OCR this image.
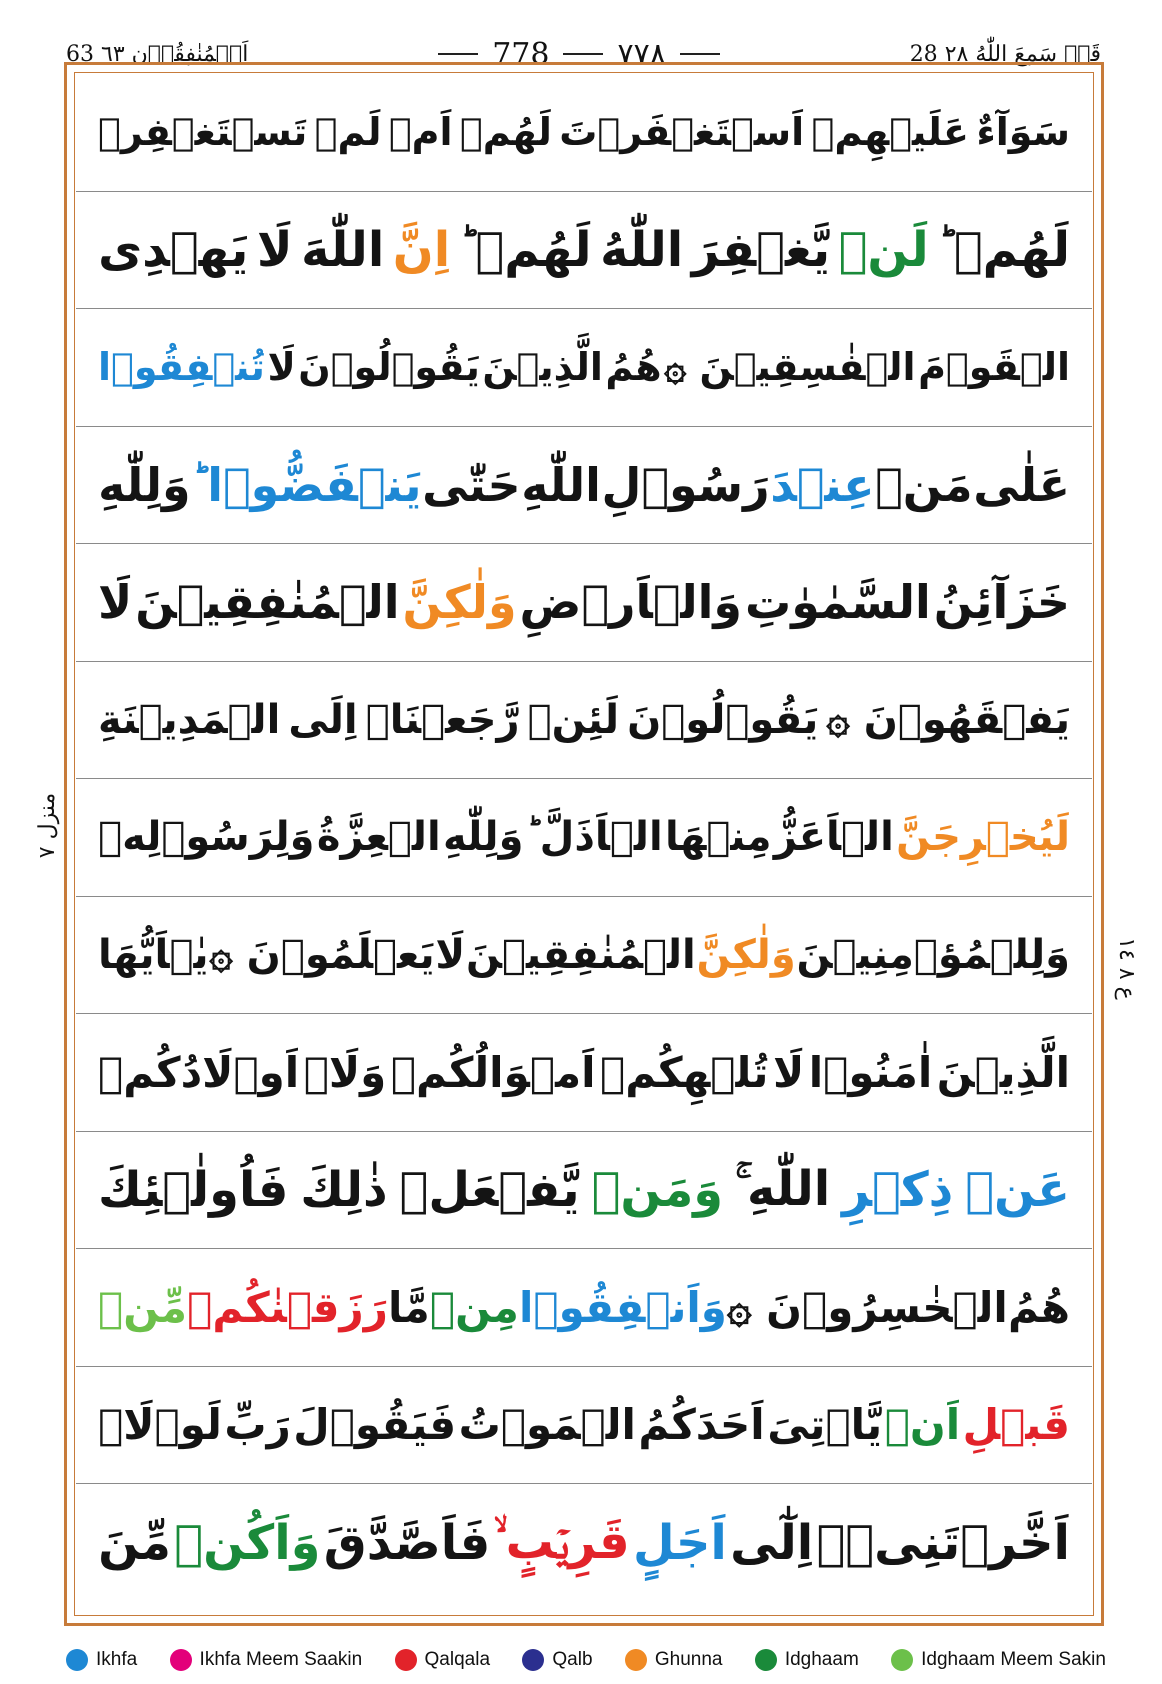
63 اَلۡمُنٰفِقُوۡن ٦٣	٧٧٨
778	28 قَدۡ سَمِعَ اللّٰهُ ٢٨
سَوَآءٌ
عَلَيۡهِمۡ
اَسۡتَغۡفَرۡتَ
لَهُمۡ
اَمۡ
لَمۡ
تَسۡتَغۡفِرۡ
لَهُمۡ ؕ
لَنۡ
يَّغۡفِرَ
اللّٰهُ
لَهُمۡ ؕ
اِنَّ
اللّٰهَ
لَا
يَهۡدِى
الۡقَوۡمَ
الۡفٰسِقِيۡنَ ۞
هُمُ
الَّذِيۡنَ
يَقُوۡلُوۡنَ
لَا
تُنۡفِقُوۡا
عَلٰى
مَنۡ
عِنۡدَ
رَسُوۡلِ
اللّٰهِ
حَتّٰى
يَنۡفَضُّوۡا ؕ
وَلِلّٰهِ
خَزَآئِنُ
السَّمٰوٰتِ
وَالۡاَرۡضِ
وَلٰكِنَّ
الۡمُنٰفِقِيۡنَ
لَا
يَفۡقَهُوۡنَ ۞
يَقُوۡلُوۡنَ
لَئِنۡ
رَّجَعۡنَاۤ
اِلَى
الۡمَدِيۡنَةِ
لَيُخۡرِجَنَّ
الۡاَعَزُّ
مِنۡهَا
الۡاَذَلَّ ؕ
وَلِلّٰهِ
الۡعِزَّةُ
وَلِرَسُوۡلِهٖ
وَلِلۡمُؤۡمِنِيۡنَ
وَلٰكِنَّ
الۡمُنٰفِقِيۡنَ
لَا
يَعۡلَمُوۡنَ ۞
يٰۤاَيُّهَا
الَّذِيۡنَ
اٰمَنُوۡا
لَا
تُلۡهِكُمۡ
اَمۡوَالُكُمۡ
وَلَاۤ
اَوۡلَادُكُمۡ
عَنۡ
ذِكۡرِ
اللّٰهِ ۚ
وَمَنۡ
يَّفۡعَلۡ
ذٰلِكَ
فَاُولٰۤئِكَ
هُمُ
الۡخٰسِرُوۡنَ ۞
وَاَنۡفِقُوۡا
مِنۡ
مَّا
رَزَقۡنٰكُمۡ
مِّنۡ
قَبۡلِ
اَنۡ
يَّاۡتِىَ
اَحَدَكُمُ
الۡمَوۡتُ
فَيَقُوۡلَ
رَبِّ
لَوۡلَاۤ
اَخَّرۡتَنِىۡۤ
اِلٰٓى
اَجَلٍ
قَرِيۡبٍ ۙ
فَاَصَّدَّقَ
وَاَكُنۡ
مِّنَ
منزل ٧
ع ٨ ١٤
Ikhfa	Ikhfa Meem Saakin	Qalqala	Qalb	Ghunna	Idghaam	Idghaam Meem Sakin
